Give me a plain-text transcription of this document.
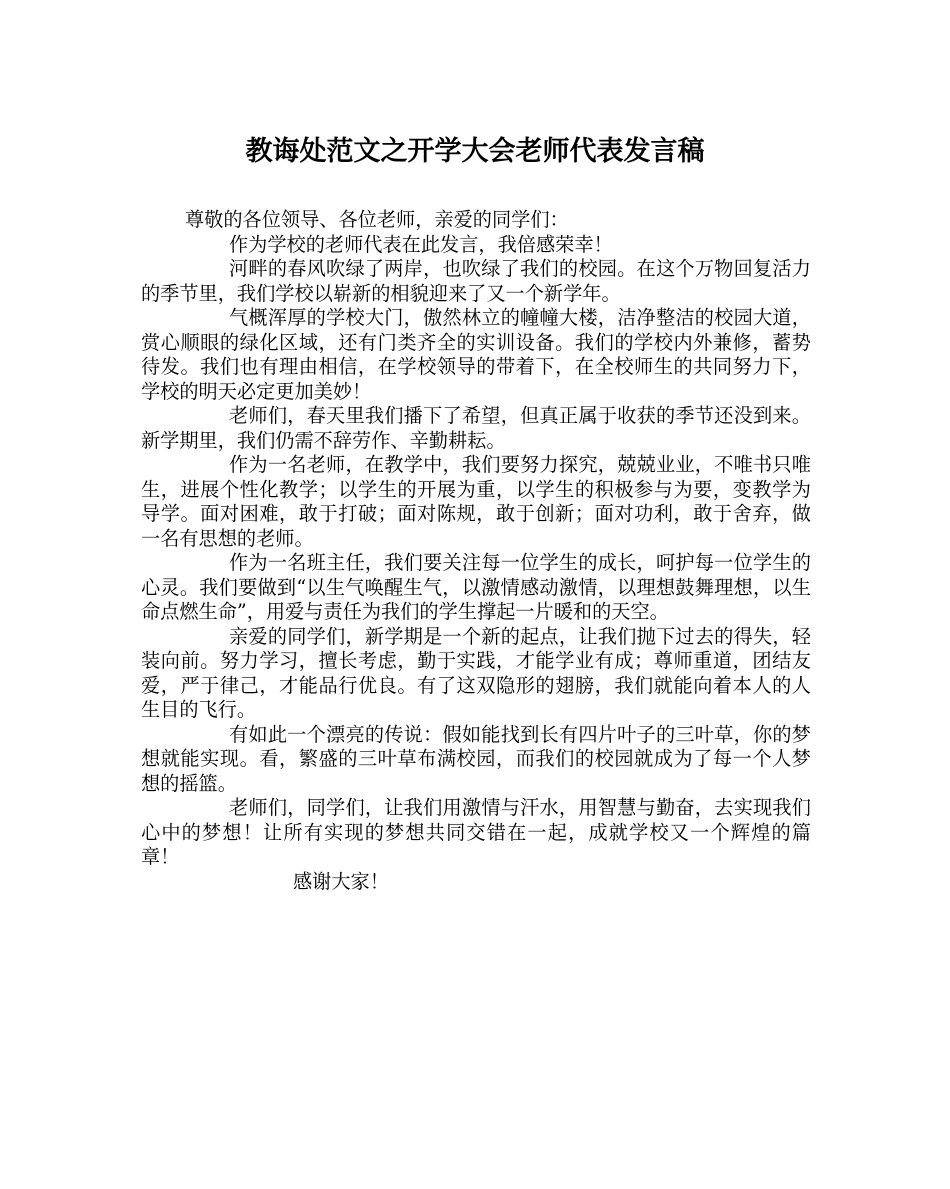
教诲处范文之开学大会老师代表发言稿

尊敬的各位领导、各位老师，亲爱的同学们：

作为学校的老师代表在此发言，我倍感荣幸！

河畔的春风吹绿了两岸，也吹绿了我们的校园。在这个万物回复活力的季节里，我们学校以崭新的相貌迎来了又一个新学年。

气概浑厚的学校大门，傲然林立的幢幢大楼，洁净整洁的校园大道，赏心顺眼的绿化区域，还有门类齐全的实训设备。我们的学校内外兼修，蓄势待发。我们也有理由相信，在学校领导的带着下，在全校师生的共同努力下，学校的明天必定更加美妙！

老师们，春天里我们播下了希望，但真正属于收获的季节还没到来。新学期里，我们仍需不辞劳作、辛勤耕耘。

作为一名老师，在教学中，我们要努力探究，兢兢业业，不唯书只唯生，进展个性化教学；以学生的开展为重，以学生的积极参与为要，变教学为导学。面对困难，敢于打破；面对陈规，敢于创新；面对功利，敢于舍弃，做一名有思想的老师。

作为一名班主任，我们要关注每一位学生的成长，呵护每一位学生的心灵。我们要做到“以生气唤醒生气，以激情感动激情，以理想鼓舞理想，以生命点燃生命”，用爱与责任为我们的学生撑起一片暖和的天空。

亲爱的同学们，新学期是一个新的起点，让我们抛下过去的得失，轻装向前。努力学习，擅长考虑，勤于实践，才能学业有成；尊师重道，团结友爱，严于律己，才能品行优良。有了这双隐形的翅膀，我们就能向着本人的人生目的飞行。

有如此一个漂亮的传说：假如能找到长有四片叶子的三叶草，你的梦想就能实现。看，繁盛的三叶草布满校园，而我们的校园就成为了每一个人梦想的摇篮。

老师们，同学们，让我们用激情与汗水，用智慧与勤奋，去实现我们心中的梦想！让所有实现的梦想共同交错在一起，成就学校又一个辉煌的篇章！

感谢大家！
